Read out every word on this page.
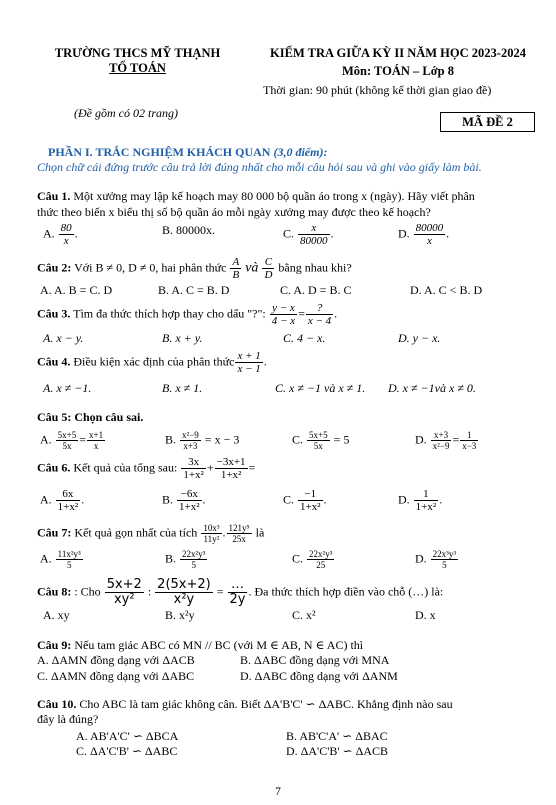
TRƯỜNG THCS MỸ THẠNH
TỔ TOÁN
KIỂM TRA GIỮA KỲ II NĂM HỌC 2023-2024
Môn: TOÁN – Lớp 8
Thời gian: 90 phút (không kể thời gian giao đề)
(Đề gồm có 02 trang)
MÃ ĐỀ 2
PHẦN I. TRẮC NGHIỆM KHÁCH QUAN (3,0 điểm):
Chọn chữ cái đứng trước câu trả lời đúng nhất cho mỗi câu hỏi sau và ghi vào giấy làm bài.
Câu 1. Một xưởng may lập kế hoạch may 80 000 bộ quần áo trong x (ngày). Hãy viết phân
thức theo biến x biểu thị số bộ quần áo mỗi ngày xưởng may được theo kế hoạch?
A. $\frac{80}{x}$ .	B. 80000x.	C. $\frac{x}{80000}$ .	D. $\frac{80000}{x}$ .
Câu 2: Với B ≠ 0, D ≠ 0, hai phân thức $\frac{A}{B}$ và $\frac{C}{D}$ bằng nhau khi?
A. A. B = C. D	B. A. C = B. D	C. A. D = B. C	D. A. C < B. D
Câu 3. Tìm đa thức thích hợp thay cho dấu "?": $\frac{y - x}{4 - x} = \frac{?}{x - 4}$ .
A. x − y.	B. x + y.	C. 4 − x.	D. y − x.
Câu 4. Điều kiện xác định của phân thức $\frac{x + 1}{x - 1}$ .
A. x ≠ −1.	B. x ≠ 1.	C. x ≠ −1 và x ≠ 1. D. x ≠ −1và x ≠ 0.
Câu 5: Chọn câu sai.
A. $\frac{5x+5}{5x} = \frac{x+1}{x}$	B. $\frac{\text{x²−9}}{x+3} = x - 3$	C. $\frac{5x+5}{5x} = 5$	D. $\frac{x+3}{\text{x²−9}} = \frac{1}{x-3}$
Câu 6. Kết quả của tổng sau: $\frac{3x}{\text{1+x²}} + \frac{-3x+1}{\text{1+x²}}$ =
A. $\frac{6x}{\text{1+x²}}$ .	B. $\frac{-6x}{\text{1+x²}}$ .	C. $\frac{-1}{\text{1+x²}}$ .	D. $\frac{1}{\text{1+x²}}$ .
Câu 7: Kết quả gọn nhất của tích $\frac{\text{10x³}}{\text{11y²}}$ . $\frac{\text{121y⁵}}{25x}$ là
A. $\frac{\text{11x²y³}}{5}$	B. $\frac{\text{22x²y³}}{5}$	C. $\frac{\text{22x²y³}}{25}$	D. $\frac{\text{22x³y³}}{5}$
Câu 8: : Cho $\frac{5x+2}{\text{xy²}}$ : $\frac{2(5x+2)}{\text{x²y}} = \frac{\dots}{2y}$ . Đa thức thích hợp điền vào chỗ (…) là:
A. xy	B. x²y	C. x²	D. x
Câu 9: Nếu tam giác ABC có MN // BC (với M ∈ AB, N ∈ AC) thì
A. ΔAMN đồng dạng với ΔACB	B. ΔABC đồng dạng với MNA
C. ΔAMN đồng dạng với ΔABC	D. ΔABC đồng dạng với ΔANM
Câu 10. Cho ABC là tam giác không cân. Biết ΔA'B'C' ∽ ΔABC. Khẳng định nào sau
đây là đúng?
A. AB'A'C' ∽ ΔBCA	B. AB'C'A' ∽ ΔBAC
C. ΔA'C'B' ∽ ΔABC	D. ΔA'C'B' ∽ ΔACB
7
